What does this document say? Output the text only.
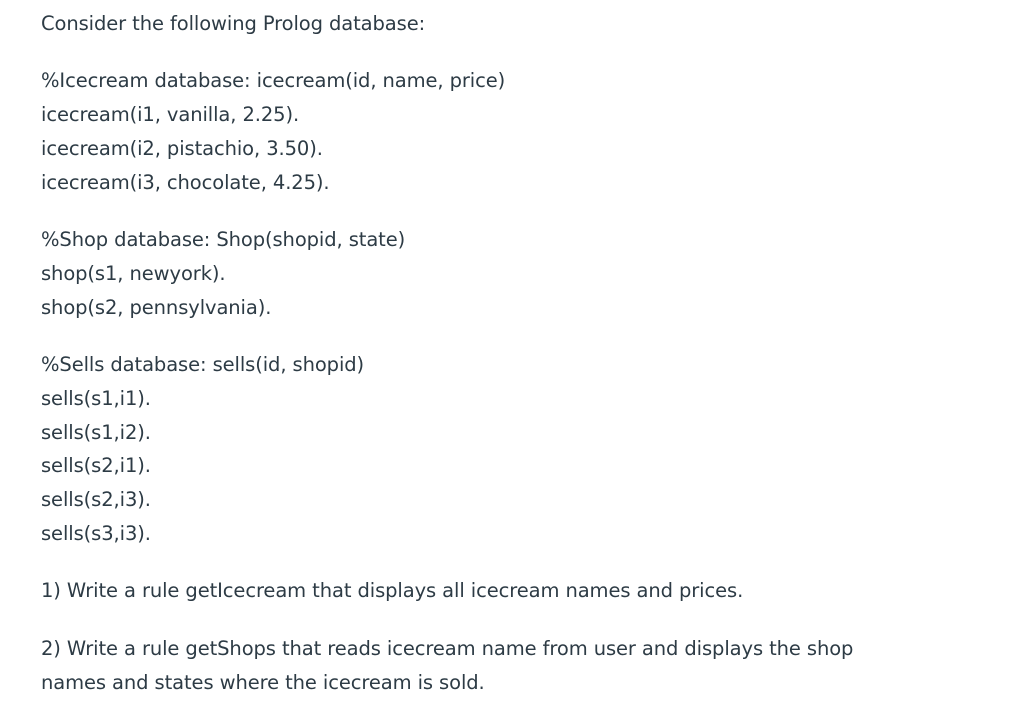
Consider the following Prolog database:
%Icecream database: icecream(id, name, price)
icecream(i1, vanilla, 2.25).
icecream(i2, pistachio, 3.50).
icecream(i3, chocolate, 4.25).
%Shop database: Shop(shopid, state)
shop(s1, newyork).
shop(s2, pennsylvania).
%Sells database: sells(id, shopid)
sells(s1,i1).
sells(s1,i2).
sells(s2,i1).
sells(s2,i3).
sells(s3,i3).
1) Write a rule getIcecream that displays all icecream names and prices.
2) Write a rule getShops that reads icecream name from user and displays the shop
names and states where the icecream is sold.
